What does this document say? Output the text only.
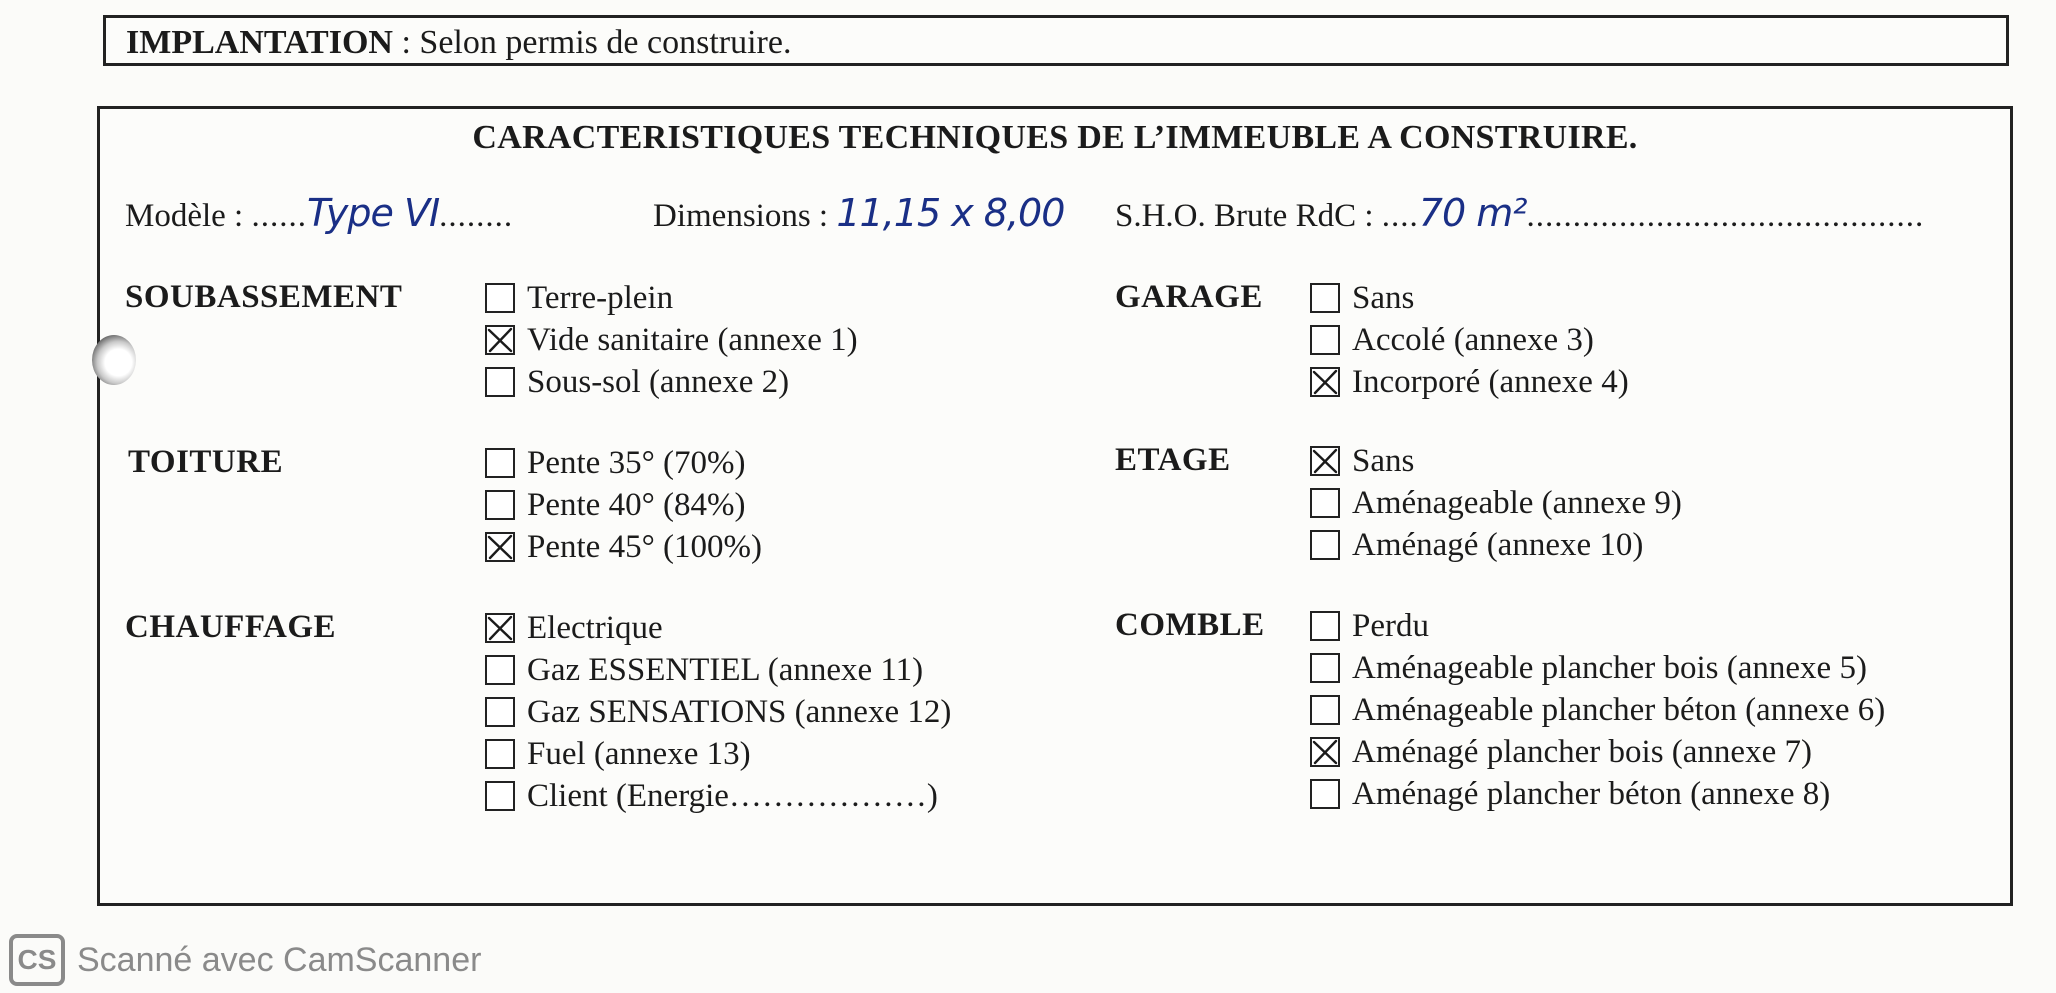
IMPLANTATION : Selon permis de construire.
CARACTERISTIQUES TECHNIQUES DE L’IMMEUBLE A CONSTRUIRE.
Modèle : ......Type VI........	Dimensions : 11,15 x 8,00 S.H.O. Brute RdC : ....70 m²...........................................
SOUBASSEMENT	Terre-plein
Vide sanitaire (annexe 1)
Sous-sol (annexe 2)
GARAGE	Sans
Accolé (annexe 3)
Incorporé (annexe 4)
TOITURE	Pente 35° (70%)
Pente 40° (84%)
Pente 45° (100%)
ETAGE	Sans
Aménageable (annexe 9)
Aménagé (annexe 10)
CHAUFFAGE	Electrique
Gaz ESSENTIEL (annexe 11)
Gaz SENSATIONS (annexe 12)
Fuel (annexe 13)
Client (Energie………………)
COMBLE	Perdu
Aménageable plancher bois (annexe 5)
Aménageable plancher béton (annexe 6)
Aménagé plancher bois (annexe 7)
Aménagé plancher béton (annexe 8)
CS Scanné avec CamScanner
